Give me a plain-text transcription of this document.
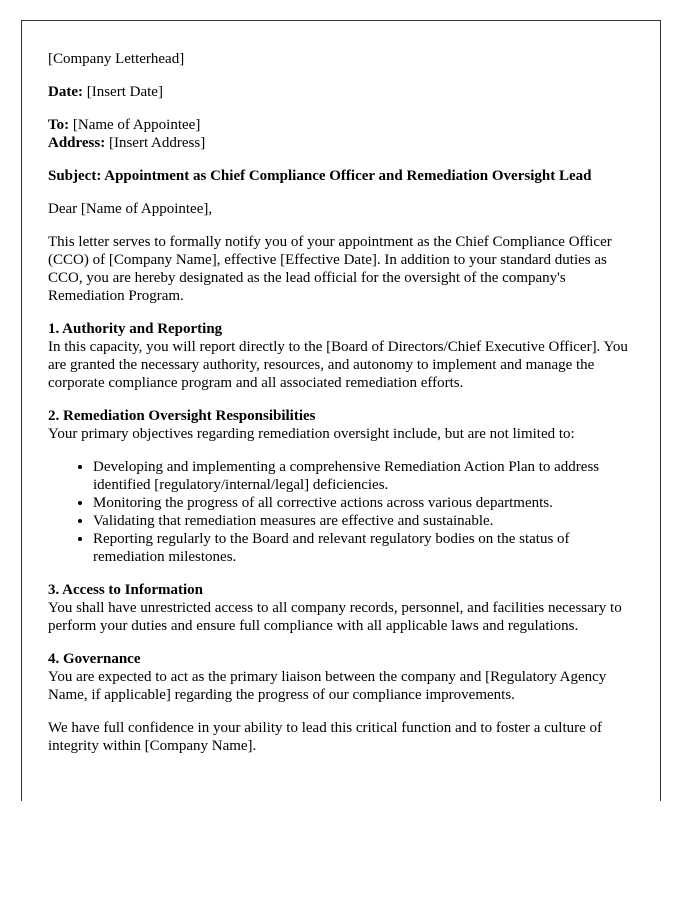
[Company Letterhead]

Date: [Insert Date]

To: [Name of Appointee]
Address: [Insert Address]

Subject: Appointment as Chief Compliance Officer and Remediation Oversight Lead

Dear [Name of Appointee],

This letter serves to formally notify you of your appointment as the Chief Compliance Officer (CCO) of [Company Name], effective [Effective Date]. In addition to your standard duties as CCO, you are hereby designated as the lead official for the oversight of the company's Remediation Program.

1. Authority and Reporting
In this capacity, you will report directly to the [Board of Directors/Chief Executive Officer]. You are granted the necessary authority, resources, and autonomy to implement and manage the corporate compliance program and all associated remediation efforts.

2. Remediation Oversight Responsibilities
Your primary objectives regarding remediation oversight include, but are not limited to:

• Developing and implementing a comprehensive Remediation Action Plan to address identified [regulatory/internal/legal] deficiencies.
• Monitoring the progress of all corrective actions across various departments.
• Validating that remediation measures are effective and sustainable.
• Reporting regularly to the Board and relevant regulatory bodies on the status of remediation milestones.

3. Access to Information
You shall have unrestricted access to all company records, personnel, and facilities necessary to perform your duties and ensure full compliance with all applicable laws and regulations.

4. Governance
You are expected to act as the primary liaison between the company and [Regulatory Agency Name, if applicable] regarding the progress of our compliance improvements.

We have full confidence in your ability to lead this critical function and to foster a culture of integrity within [Company Name].
